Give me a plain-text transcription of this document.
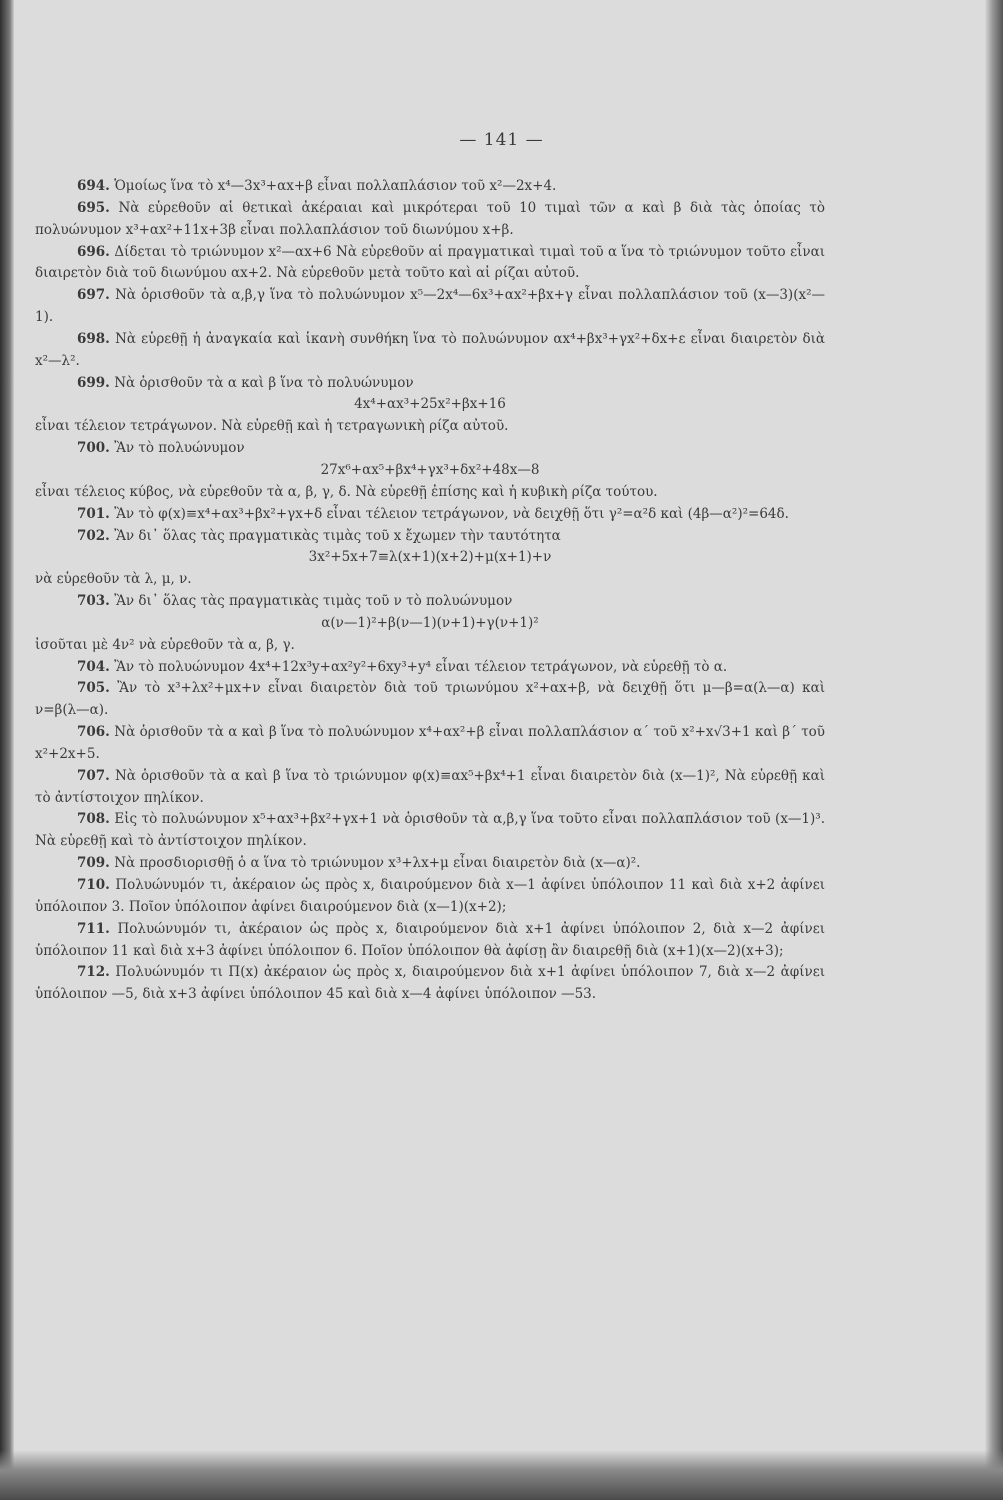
— 141 —

694. Ὁμοίως ἵνα τὸ x⁴—3x³+αx+β εἶναι πολλαπλάσιον τοῦ x²—2x+4.

695. Νὰ εὑρεθοῦν αἱ θετικαὶ ἀκέραιαι καὶ μικρότεραι τοῦ 10 τιμαὶ τῶν α καὶ β διὰ τὰς ὁποίας τὸ πολυώνυμον x³+αx²+11x+3β εἶναι πολλαπλάσιον τοῦ διωνύμου x+β.

696. Δίδεται τὸ τριώνυμον x²—αx+6 Νὰ εὑρεθοῦν αἱ πραγματικαὶ τιμαὶ τοῦ α ἵνα τὸ τριώνυμον τοῦτο εἶναι διαιρετὸν διὰ τοῦ διωνύμου αx+2. Νὰ εὑρεθοῦν μετὰ τοῦτο καὶ αἱ ρίζαι αὐτοῦ.

697. Νὰ ὁρισθοῦν τὰ α,β,γ ἵνα τὸ πολυώνυμον x⁵—2x⁴—6x³+αx²+βx+γ εἶναι πολλαπλάσιον τοῦ (x—3)(x²—1).

698. Νὰ εὑρεθῇ ἡ ἀναγκαία καὶ ἱκανὴ συνθήκη ἵνα τὸ πολυώνυμον αx⁴+βx³+γx²+δx+ε εἶναι διαιρετὸν διὰ x²—λ².

699. Νὰ ὁρισθοῦν τὰ α καὶ β ἵνα τὸ πολυώνυμον

4x⁴+αx³+25x²+βx+16

εἶναι τέλειον τετράγωνον. Νὰ εὑρεθῇ καὶ ἡ τετραγωνικὴ ρίζα αὐτοῦ.

700. Ἂν τὸ πολυώνυμον

27x⁶+αx⁵+βx⁴+γx³+δx²+48x—8

εἶναι τέλειος κύβος, νὰ εὑρεθοῦν τὰ α, β, γ, δ. Νὰ εὑρεθῇ ἐπίσης καὶ ἡ κυβικὴ ρίζα τούτου.

701. Ἂν τὸ φ(x)≡x⁴+αx³+βx²+γx+δ εἶναι τέλειον τετράγωνον, νὰ δειχθῇ ὅτι γ²=α²δ καὶ (4β—α²)²=64δ.

702. Ἂν δι᾽ ὅλας τὰς πραγματικὰς τιμὰς τοῦ x ἔχωμεν τὴν ταυτότητα

3x²+5x+7≡λ(x+1)(x+2)+μ(x+1)+ν

νὰ εὑρεθοῦν τὰ λ, μ, ν.

703. Ἂν δι᾽ ὅλας τὰς πραγματικὰς τιμὰς τοῦ ν τὸ πολυώνυμον

α(ν—1)²+β(ν—1)(ν+1)+γ(ν+1)²

ἰσοῦται μὲ 4ν² νὰ εὑρεθοῦν τὰ α, β, γ.

704. Ἂν τὸ πολυώνυμον 4x⁴+12x³y+αx²y²+6xy³+y⁴ εἶναι τέλειον τετράγωνον, νὰ εὑρεθῇ τὸ α.

705. Ἂν τὸ x³+λx²+μx+ν εἶναι διαιρετὸν διὰ τοῦ τριωνύμου x²+αx+β, νὰ δειχθῇ ὅτι μ—β=α(λ—α) καὶ ν=β(λ—α).

706. Νὰ ὁρισθοῦν τὰ α καὶ β ἵνα τὸ πολυώνυμον x⁴+αx²+β εἶναι πολλαπλάσιον α΄ τοῦ x²+x√3+1 καὶ β΄ τοῦ x²+2x+5.

707. Νὰ ὁρισθοῦν τὰ α καὶ β ἵνα τὸ τριώνυμον φ(x)≡αx⁵+βx⁴+1 εἶναι διαιρετὸν διὰ (x—1)², Νὰ εὑρεθῇ καὶ τὸ ἀντίστοιχον πηλίκον.

708. Εἰς τὸ πολυώνυμον x⁵+αx³+βx²+γx+1 νὰ ὁρισθοῦν τὰ α,β,γ ἵνα τοῦτο εἶναι πολλαπλάσιον τοῦ (x—1)³. Νὰ εὑρεθῇ καὶ τὸ ἀντίστοιχον πηλίκον.

709. Νὰ προσδιορισθῇ ὁ α ἵνα τὸ τριώνυμον x³+λx+μ εἶναι διαιρετὸν διὰ (x—α)².

710. Πολυώνυμόν τι, ἀκέραιον ὡς πρὸς x, διαιρούμενον διὰ x—1 ἀφίνει ὑπόλοιπον 11 καὶ διὰ x+2 ἀφίνει ὑπόλοιπον 3. Ποῖον ὑπόλοιπον ἀφίνει διαιρούμενον διὰ (x—1)(x+2);

711. Πολυώνυμόν τι, ἀκέραιον ὡς πρὸς x, διαιρούμενον διὰ x+1 ἀφίνει ὑπόλοιπον 2, διὰ x—2 ἀφίνει ὑπόλοιπον 11 καὶ διὰ x+3 ἀφίνει ὑπόλοιπον 6. Ποῖον ὑπόλοιπον θὰ ἀφίσῃ ἂν διαιρεθῇ διὰ (x+1)(x—2)(x+3);

712. Πολυώνυμόν τι Π(x) ἀκέραιον ὡς πρὸς x, διαιρούμενον διὰ x+1 ἀφίνει ὑπόλοιπον 7, διὰ x—2 ἀφίνει ὑπόλοιπον —5, διὰ x+3 ἀφίνει ὑπόλοιπον 45 καὶ διὰ x—4 ἀφίνει ὑπόλοιπον —53.
